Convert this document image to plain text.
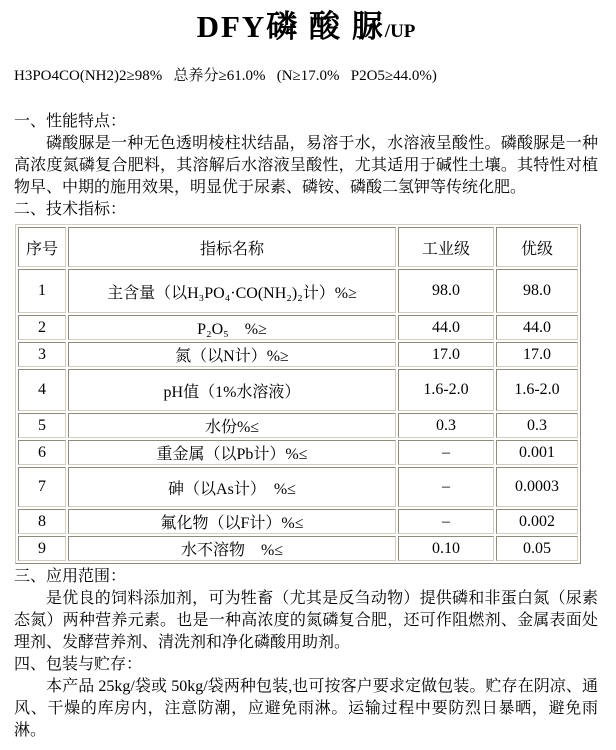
DFY磷 酸 脲/UP
H3PO4CO(NH2)2≥98%   总养分≥61.0%   (N≥17.0%   P2O5≥44.0%)
一、性能特点：

磷酸脲是一种无色透明棱柱状结晶，易溶于水，水溶液呈酸性。磷酸脲是一种高浓度氮磷复合肥料，其溶解后水溶液呈酸性，尤其适用于碱性土壤。其特性对植物早、中期的施用效果，明显优于尿素、磷铵、磷酸二氢钾等传统化肥。

二、技术指标：
序号	指标名称	工业级	优级
1	主含量（以H₃PO₄·CO(NH₂)₂计）%≥	98.0	98.0
2	P₂O₅　%≥	44.0	44.0
3	氮（以N计）%≥	17.0	17.0
4	pH值（1%水溶液）	1.6-2.0	1.6-2.0
5	水份%≤	0.3	0.3
6	重金属（以Pb计）%≤	–	0.001
7	砷（以As计）　%≤	–	0.0003
8	氟化物（以F计）%≤	–	0.002
9	水不溶物　%≤	0.10	0.05
三、应用范围：

是优良的饲料添加剂，可为牲畜（尤其是反刍动物）提供磷和非蛋白氮（尿素态氮）两种营养元素。也是一种高浓度的氮磷复合肥，还可作阻燃剂、金属表面处理剂、发酵营养剂、清洗剂和净化磷酸用助剂。

四、包装与贮存：

本产品 25kg/袋或 50kg/袋两种包装,也可按客户要求定做包装。贮存在阴凉、通风、干燥的库房内，注意防潮，应避免雨淋。运输过程中要防烈日暴晒，避免雨淋。
